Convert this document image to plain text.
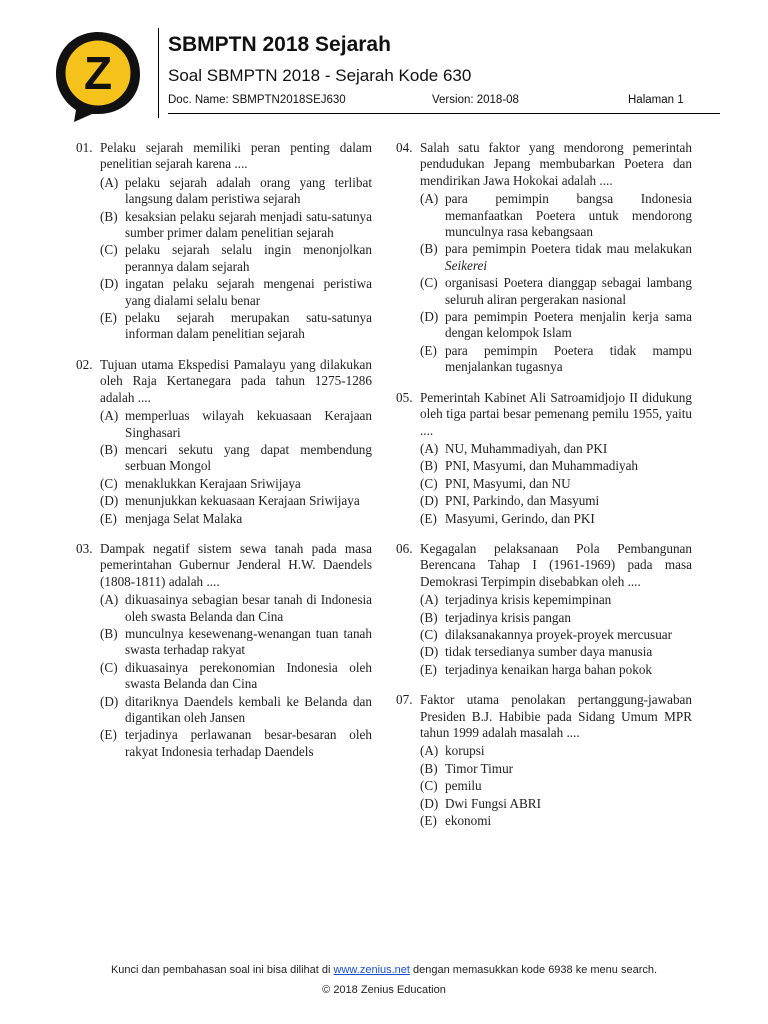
Z
SBMPTN 2018 Sejarah
Soal SBMPTN 2018 - Sejarah Kode 630
Doc. Name: SBMPTN2018SEJ630	Version: 2018-08	Halaman 1
01. Pelaku sejarah memiliki peran penting dalam penelitian sejarah karena ....
(A) pelaku sejarah adalah orang yang terlibat langsung dalam peristiwa sejarah
(B) kesaksian pelaku sejarah menjadi satu-satunya sumber primer dalam penelitian sejarah
(C) pelaku sejarah selalu ingin menonjolkan perannya dalam sejarah
(D) ingatan pelaku sejarah mengenai peristiwa yang dialami selalu benar
(E) pelaku sejarah merupakan satu-satunya informan dalam penelitian sejarah
02. Tujuan utama Ekspedisi Pamalayu yang dilakukan oleh Raja Kertanegara pada tahun 1275-1286 adalah ....
(A) memperluas wilayah kekuasaan Kerajaan Singhasari
(B) mencari sekutu yang dapat membendung serbuan Mongol
(C) menaklukkan Kerajaan Sriwijaya
(D) menunjukkan kekuasaan Kerajaan Sriwijaya
(E) menjaga Selat Malaka
03. Dampak negatif sistem sewa tanah pada masa pemerintahan Gubernur Jenderal H.W. Daendels (1808-1811) adalah ....
(A) dikuasainya sebagian besar tanah di Indonesia oleh swasta Belanda dan Cina
(B) munculnya kesewenang-wenangan tuan tanah swasta terhadap rakyat
(C) dikuasainya perekonomian Indonesia oleh swasta Belanda dan Cina
(D) ditariknya Daendels kembali ke Belanda dan digantikan oleh Jansen
(E) terjadinya perlawanan besar-besaran oleh rakyat Indonesia terhadap Daendels
04. Salah satu faktor yang mendorong pemerintah pendudukan Jepang membubarkan Poetera dan mendirikan Jawa Hokokai adalah ....
(A) para pemimpin bangsa Indonesia memanfaatkan Poetera untuk mendorong munculnya rasa kebangsaan
(B) para pemimpin Poetera tidak mau melakukan Seikerei
(C) organisasi Poetera dianggap sebagai lambang seluruh aliran pergerakan nasional
(D) para pemimpin Poetera menjalin kerja sama dengan kelompok Islam
(E) para pemimpin Poetera tidak mampu menjalankan tugasnya
05. Pemerintah Kabinet Ali Satroamidjojo II didukung oleh tiga partai besar pemenang pemilu 1955, yaitu ....
(A) NU, Muhammadiyah, dan PKI
(B) PNI, Masyumi, dan Muhammadiyah
(C) PNI, Masyumi, dan NU
(D) PNI, Parkindo, dan Masyumi
(E) Masyumi, Gerindo, dan PKI
06. Kegagalan pelaksanaan Pola Pembangunan Berencana Tahap I (1961-1969) pada masa Demokrasi Terpimpin disebabkan oleh ....
(A) terjadinya krisis kepemimpinan
(B) terjadinya krisis pangan
(C) dilaksanakannya proyek-proyek mercusuar
(D) tidak tersedianya sumber daya manusia
(E) terjadinya kenaikan harga bahan pokok
07. Faktor utama penolakan pertanggung-jawaban Presiden B.J. Habibie pada Sidang Umum MPR tahun 1999 adalah masalah ....
(A) korupsi
(B) Timor Timur
(C) pemilu
(D) Dwi Fungsi ABRI
(E) ekonomi
Kunci dan pembahasan soal ini bisa dilihat di www.zenius.net dengan memasukkan kode 6938 ke menu search.
© 2018 Zenius Education
